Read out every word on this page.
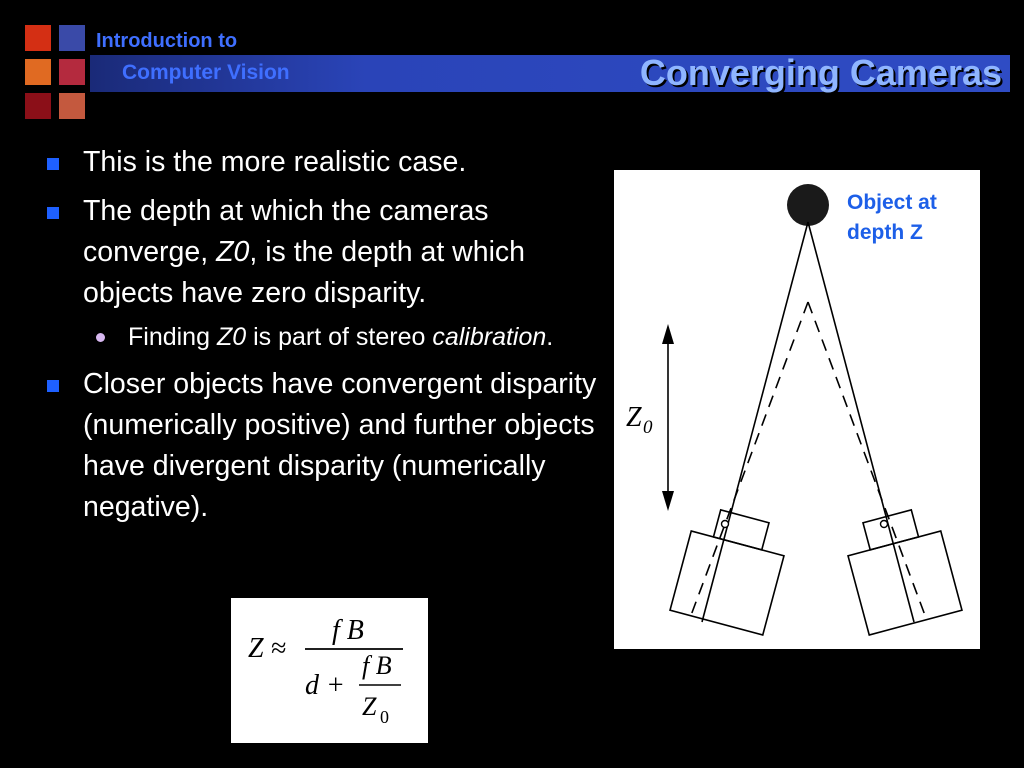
Introduction to
Computer Vision	Converging Cameras
This is the more realistic case.
The depth at which the cameras converge, Z0, is the depth at which objects have zero disparity.
Finding Z0 is part of stereo calibration.
Closer objects have convergent disparity (numerically positive) and further objects have divergent disparity (numerically negative).
Z 0
Object at
depth Z
Z ≈
f B
d +
f B
Z 0
